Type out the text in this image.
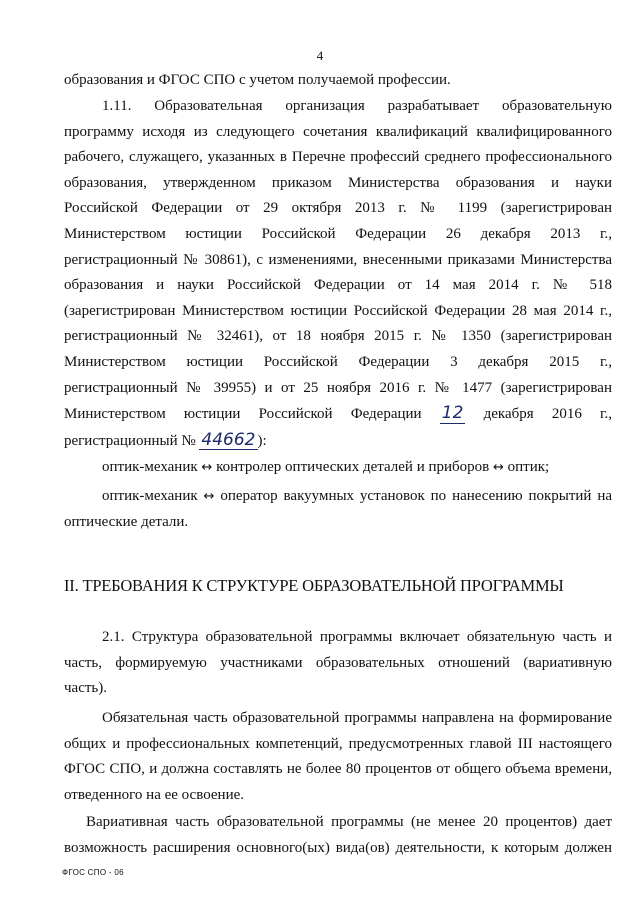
4
образования и ФГОС СПО с учетом получаемой профессии.
1.11. Образовательная организация разрабатывает образовательную
программу исходя из следующего сочетания квалификаций квалифицированного
рабочего, служащего, указанных в Перечне профессий среднего профессионального
образования, утвержденном приказом Министерства образования и науки
Российской Федерации от 29 октября 2013 г. № 1199 (зарегистрирован
Министерством юстиции Российской Федерации 26 декабря 2013 г.,
регистрационный № 30861), с изменениями, внесенными приказами Министерства
образования и науки Российской Федерации от 14 мая 2014 г. № 518
(зарегистрирован Министерством юстиции Российской Федерации 28 мая 2014 г.,
регистрационный № 32461), от 18 ноября 2015 г. № 1350 (зарегистрирован
Министерством юстиции Российской Федерации 3 декабря 2015 г.,
регистрационный № 39955) и от 25 ноября 2016 г. № 1477 (зарегистрирован
Министерством юстиции Российской Федерации 12 декабря 2016 г.,
регистрационный № 44662 ):
оптик-механик ↔ контролер оптических деталей и приборов ↔ оптик;
оптик-механик ↔ оператор вакуумных установок по нанесению покрытий на
оптические детали.
II. ТРЕБОВАНИЯ К СТРУКТУРЕ ОБРАЗОВАТЕЛЬНОЙ ПРОГРАММЫ
2.1. Структура образовательной программы включает обязательную часть и
часть, формируемую участниками образовательных отношений (вариативную
часть).
Обязательная часть образовательной программы направлена на формирование
общих и профессиональных компетенций, предусмотренных главой III настоящего
ФГОС СПО, и должна составлять не более 80 процентов от общего объема времени,
отведенного на ее освоение.
Вариативная часть образовательной программы (не менее 20 процентов) дает
возможность расширения основного(ых) вида(ов) деятельности, к которым должен
ФГОС СПО - 06
